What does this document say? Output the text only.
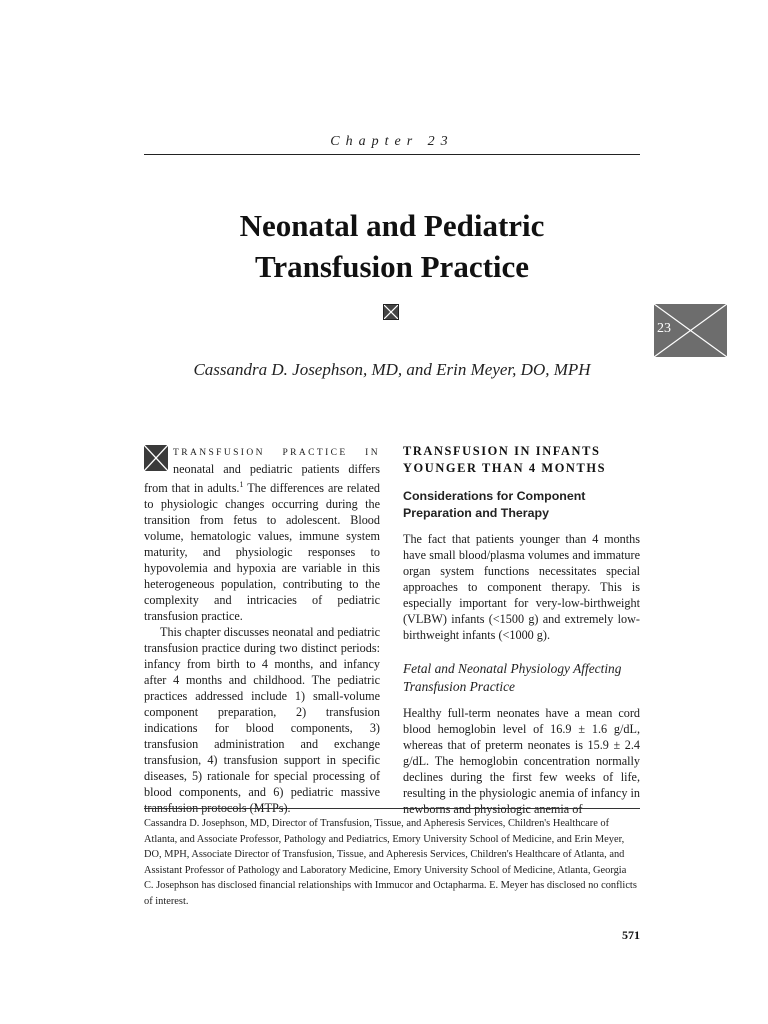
Chapter 23
Neonatal and Pediatric
Transfusion Practice
23
Cassandra D. Josephson, MD, and Erin Meyer, DO, MPH

TRANSFUSION PRACTICE IN neonatal and pediatric patients differs from that in adults.$^1$ The differences are related to physiologic changes occurring during the transition from fetus to adolescent. Blood volume, hematologic values, immune system maturity, and physiologic responses to hypovolemia and hypoxia are variable in this heterogeneous population, contributing to the complexity and intricacies of pediatric transfusion practice.

This chapter discusses neonatal and pediatric transfusion practice during two distinct periods: infancy from birth to 4 months, and infancy after 4 months and childhood. The pediatric practices addressed include 1) small-volume component preparation, 2) transfusion indications for blood components, 3) transfusion administration and exchange transfusion, 4) transfusion support in specific diseases, 5) rationale for special processing of blood components, and 6) pediatric massive transfusion protocols (MTPs).

TRANSFUSION IN INFANTS
YOUNGER THAN 4 MONTHS
Considerations for Component
Preparation and Therapy

The fact that patients younger than 4 months have small blood/plasma volumes and immature organ system functions necessitates special approaches to component therapy. This is especially important for very-low-birthweight (VLBW) infants (<1500 g) and extremely low-birthweight infants (<1000 g).

Fetal and Neonatal Physiology Affecting
Transfusion Practice

Healthy full-term neonates have a mean cord blood hemoglobin level of 16.9 ± 1.6 g/dL, whereas that of preterm neonates is 15.9 ± 2.4 g/dL. The hemoglobin concentration normally declines during the first few weeks of life, resulting in the physiologic anemia of infancy in newborns and physiologic anemia of

Cassandra D. Josephson, MD, Director of Transfusion, Tissue, and Apheresis Services, Children's Healthcare of Atlanta, and Associate Professor, Pathology and Pediatrics, Emory University School of Medicine, and Erin Meyer, DO, MPH, Associate Director of Transfusion, Tissue, and Apheresis Services, Children's Healthcare of Atlanta, and Assistant Professor of Pathology and Laboratory Medicine, Emory University School of Medicine, Atlanta, Georgia

C. Josephson has disclosed financial relationships with Immucor and Octapharma. E. Meyer has disclosed no conflicts of interest.

571
